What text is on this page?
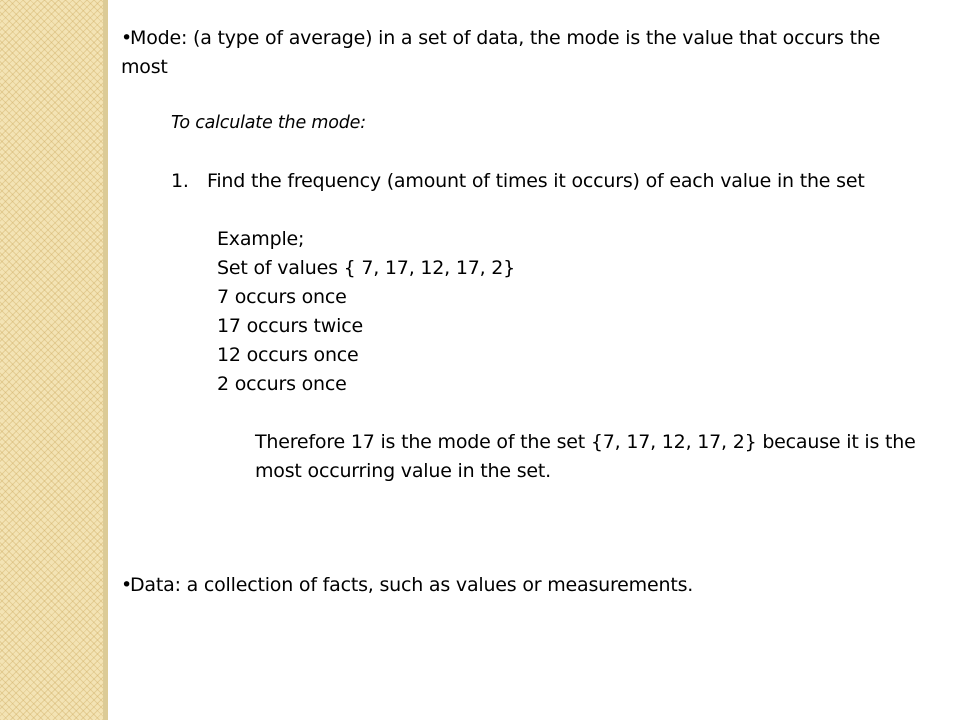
•Mode: (a type of average) in a set of data, the mode is the value that occurs the
most
To calculate the mode:
1. Find the frequency (amount of times it occurs) of each value in the set
Example;
Set of values { 7, 17, 12, 17, 2}
7 occurs once
17 occurs twice
12 occurs once
2 occurs once
Therefore 17 is the mode of the set {7, 17, 12, 17, 2} because it is the
most occurring value in the set.
•Data: a collection of facts, such as values or measurements.
